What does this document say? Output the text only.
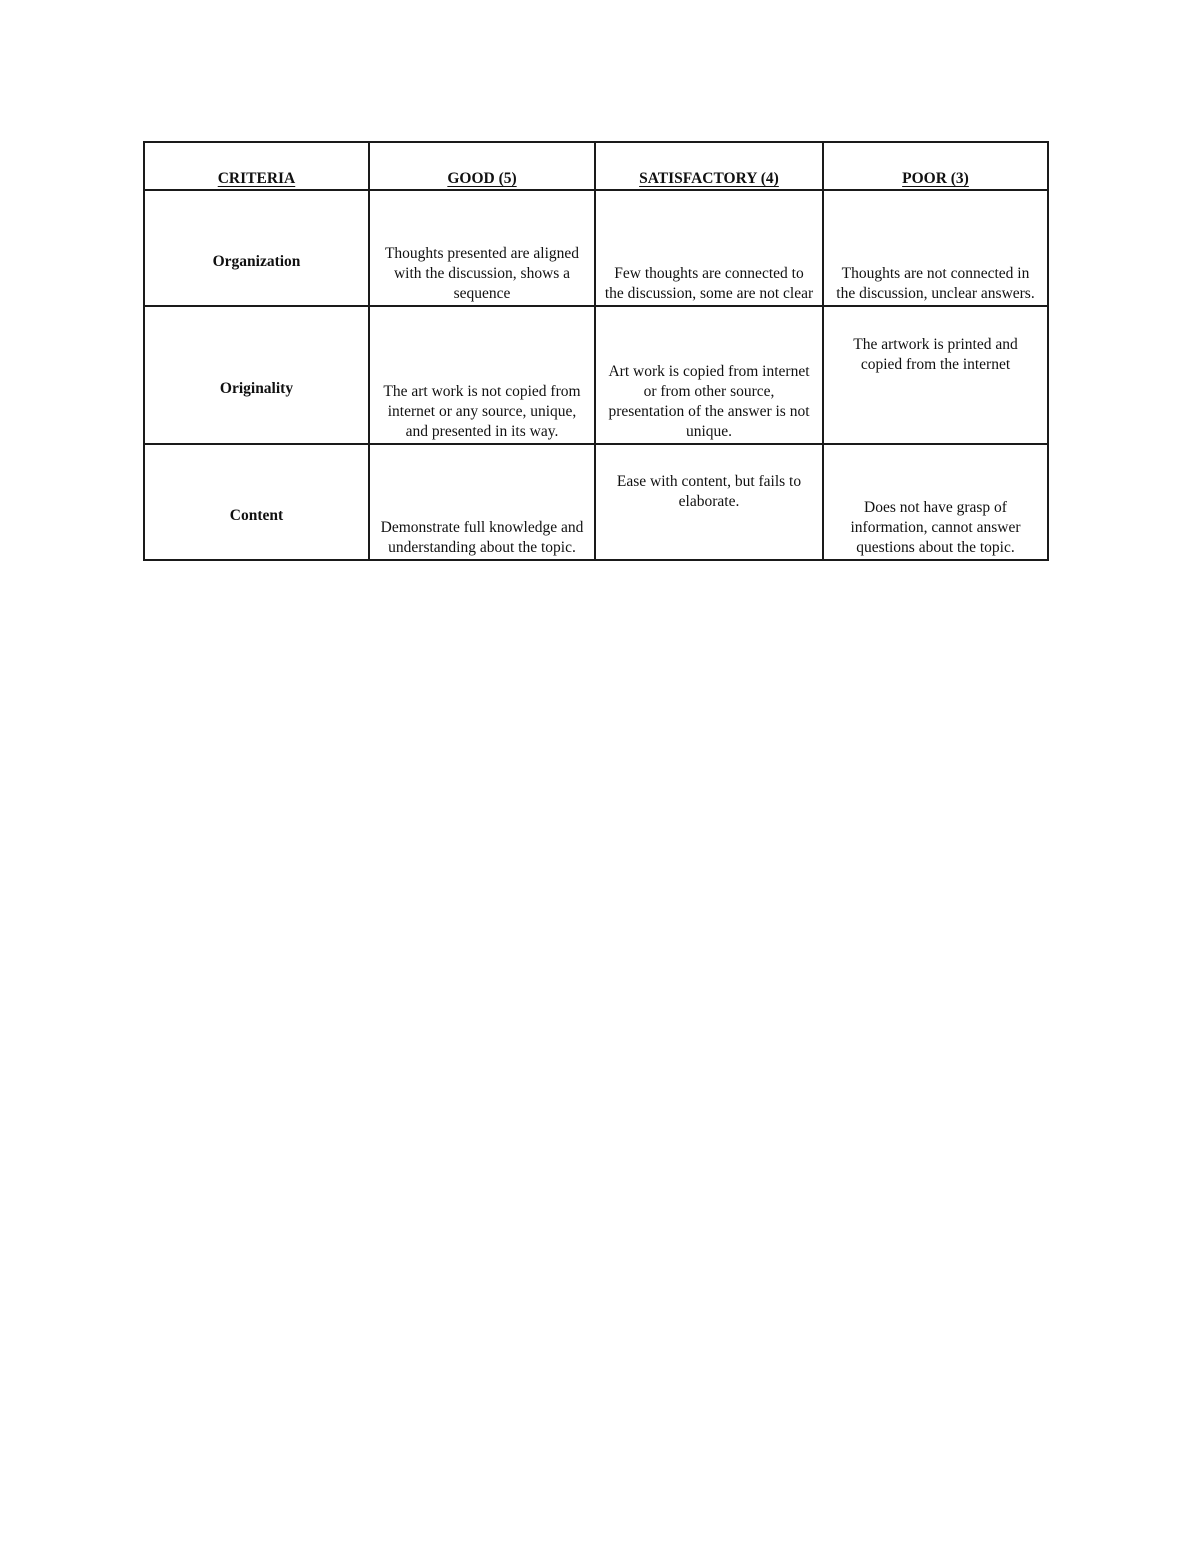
CRITERIA	GOOD (5)	SATISFACTORY (4)	POOR (3)
Organization	Thoughts presented are aligned with the discussion, shows a sequence	Few thoughts are connected to the discussion, some are not clear	Thoughts are not connected in the discussion, unclear answers.
Originality	The art work is not copied from internet or any source, unique, and presented in its way.	Art work is copied from internet or from other source, presentation of the answer is not unique.	The artwork is printed and copied from the internet
Content	Demonstrate full knowledge and understanding about the topic.	Ease with content, but fails to elaborate.	Does not have grasp of information, cannot answer questions about the topic.
